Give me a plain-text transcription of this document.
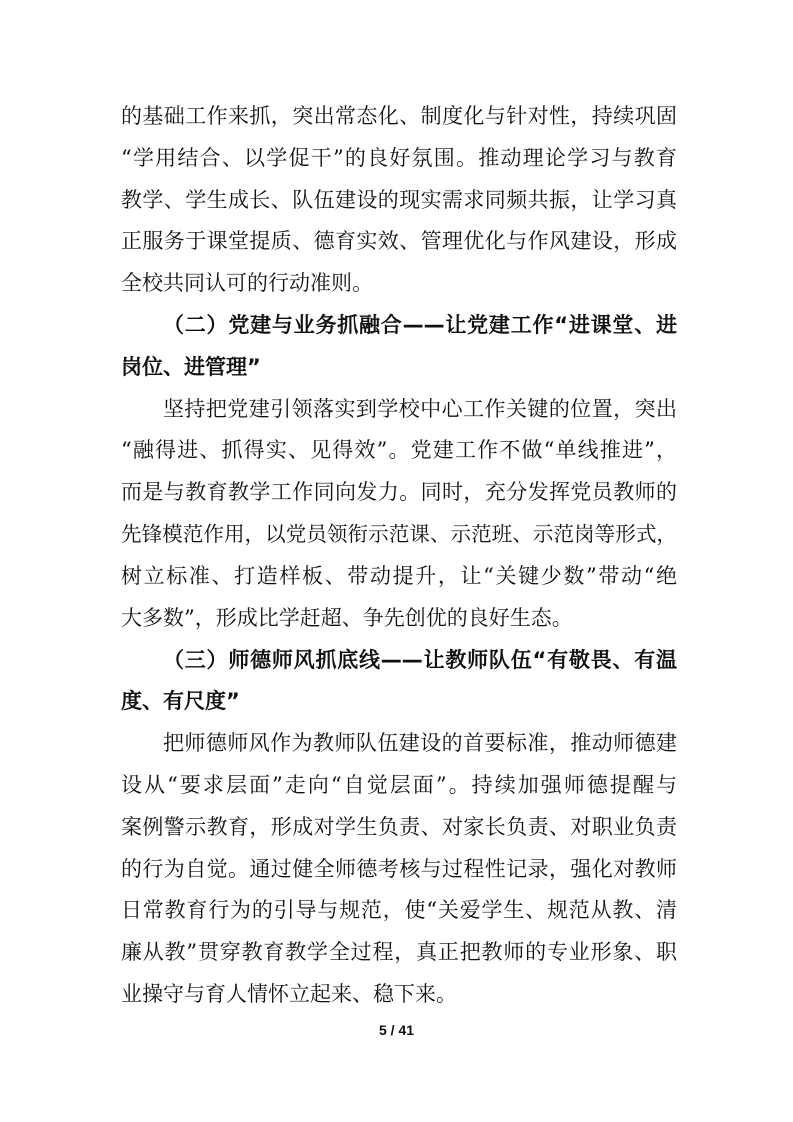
的基础工作来抓，突出常态化、制度化与针对性，持续巩固
“学用结合、以学促干”的良好氛围。推动理论学习与教育
教学、学生成长、队伍建设的现实需求同频共振，让学习真
正服务于课堂提质、德育实效、管理优化与作风建设，形成
全校共同认可的行动准则。
（二）党建与业务抓融合——让党建工作“进课堂、进
岗位、进管理”
坚持把党建引领落实到学校中心工作关键的位置，突出
“融得进、抓得实、见得效”。党建工作不做“单线推进”，
而是与教育教学工作同向发力。同时，充分发挥党员教师的
先锋模范作用，以党员领衔示范课、示范班、示范岗等形式，
树立标准、打造样板、带动提升，让“关键少数”带动“绝
大多数”，形成比学赶超、争先创优的良好生态。
（三）师德师风抓底线——让教师队伍“有敬畏、有温
度、有尺度”
把师德师风作为教师队伍建设的首要标准，推动师德建
设从“要求层面”走向“自觉层面”。持续加强师德提醒与
案例警示教育，形成对学生负责、对家长负责、对职业负责
的行为自觉。通过健全师德考核与过程性记录，强化对教师
日常教育行为的引导与规范，使“关爱学生、规范从教、清
廉从教”贯穿教育教学全过程，真正把教师的专业形象、职
业操守与育人情怀立起来、稳下来。
5 / 41
